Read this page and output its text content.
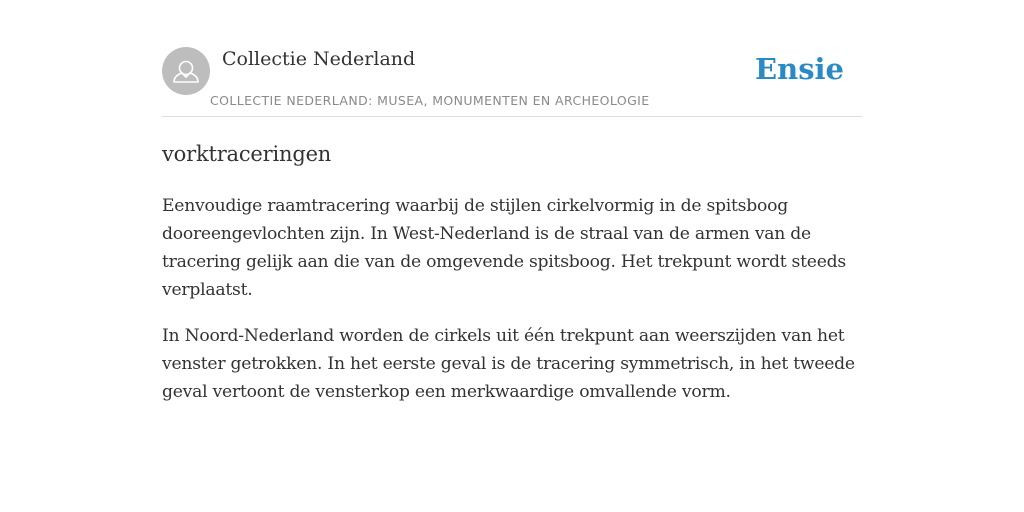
Collectie Nederland
COLLECTIE NEDERLAND: MUSEA, MONUMENTEN EN ARCHEOLOGIE
Ensie
vorktraceringen

Eenvoudige raamtracering waarbij de stijlen cirkelvormig in de spitsboog dooreengevlochten zijn. In West-Nederland is de straal van de armen van de tracering gelijk aan die van de omgevende spitsboog. Het trekpunt wordt steeds verplaatst.

In Noord-Nederland worden de cirkels uit één trekpunt aan weerszijden van het venster getrokken. In het eerste geval is de tracering symmetrisch, in het tweede geval vertoont de vensterkop een merkwaardige omvallende vorm.
